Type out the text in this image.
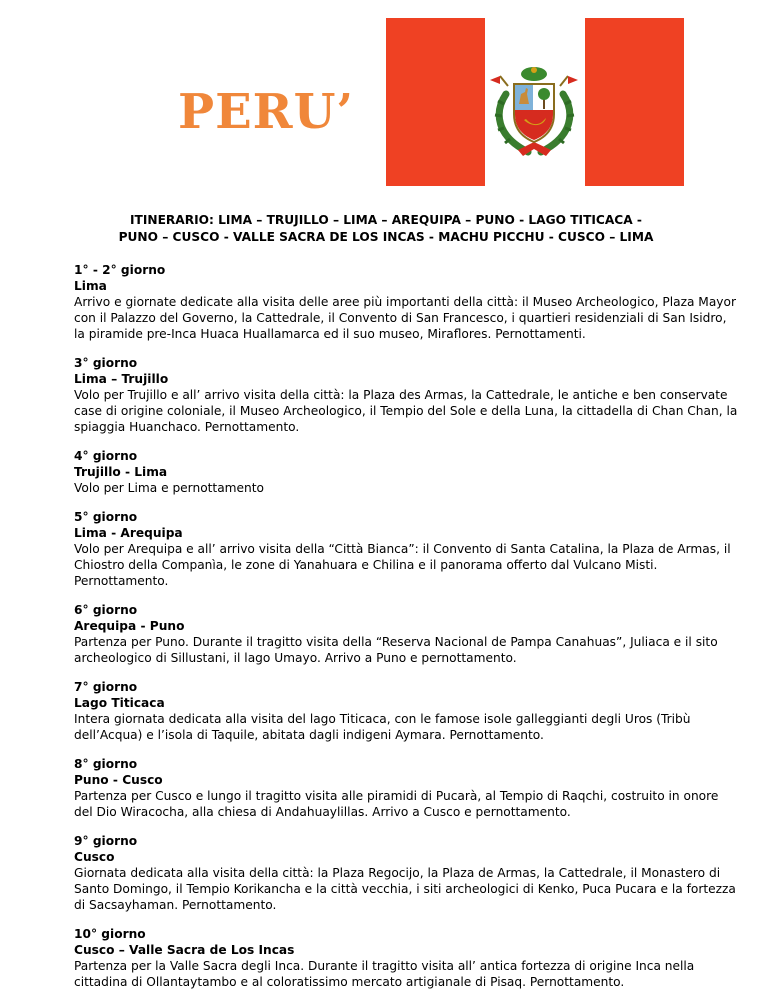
PERU’
ITINERARIO: LIMA – TRUJILLO – LIMA – AREQUIPA – PUNO - LAGO TITICACA -
PUNO – CUSCO - VALLE SACRA DE LOS INCAS - MACHU PICCHU - CUSCO – LIMA
1° - 2° giorno
Lima
Arrivo e giornate dedicate alla visita delle aree più importanti della città: il Museo Archeologico, Plaza Mayor
con il Palazzo del Governo, la Cattedrale, il Convento di San Francesco, i quartieri residenziali di San Isidro,
la piramide pre-Inca Huaca Huallamarca ed il suo museo, Miraflores. Pernottamenti.
3° giorno
Lima – Trujillo
Volo per Trujillo e all’ arrivo visita della città: la Plaza des Armas, la Cattedrale, le antiche e ben conservate
case di origine coloniale, il Museo Archeologico, il Tempio del Sole e della Luna, la cittadella di Chan Chan, la
spiaggia Huanchaco. Pernottamento.
4° giorno
Trujillo - Lima
Volo per Lima e pernottamento
5° giorno
Lima - Arequipa
Volo per Arequipa e all’ arrivo visita della “Città Bianca”: il Convento di Santa Catalina, la Plaza de Armas, il
Chiostro della Companìa, le zone di Yanahuara e Chilina e il panorama offerto dal Vulcano Misti.
Pernottamento.
6° giorno
Arequipa - Puno
Partenza per Puno. Durante il tragitto visita della “Reserva Nacional de Pampa Canahuas”, Juliaca e il sito
archeologico di Sillustani, il lago Umayo. Arrivo a Puno e pernottamento.
7° giorno
Lago Titicaca
Intera giornata dedicata alla visita del lago Titicaca, con le famose isole galleggianti degli Uros (Tribù
dell’Acqua) e l’isola di Taquile, abitata dagli indigeni Aymara. Pernottamento.
8° giorno
Puno - Cusco
Partenza per Cusco e lungo il tragitto visita alle piramidi di Pucarà, al Tempio di Raqchi, costruito in onore
del Dio Wiracocha, alla chiesa di Andahuaylillas. Arrivo a Cusco e pernottamento.
9° giorno
Cusco
Giornata dedicata alla visita della città: la Plaza Regocijo, la Plaza de Armas, la Cattedrale, il Monastero di
Santo Domingo, il Tempio Korikancha e la città vecchia, i siti archeologici di Kenko, Puca Pucara e la fortezza
di Sacsayhaman. Pernottamento.
10° giorno
Cusco – Valle Sacra de Los Incas
Partenza per la Valle Sacra degli Inca. Durante il tragitto visita all’ antica fortezza di origine Inca nella
cittadina di Ollantaytambo e al coloratissimo mercato artigianale di Pisaq. Pernottamento.
